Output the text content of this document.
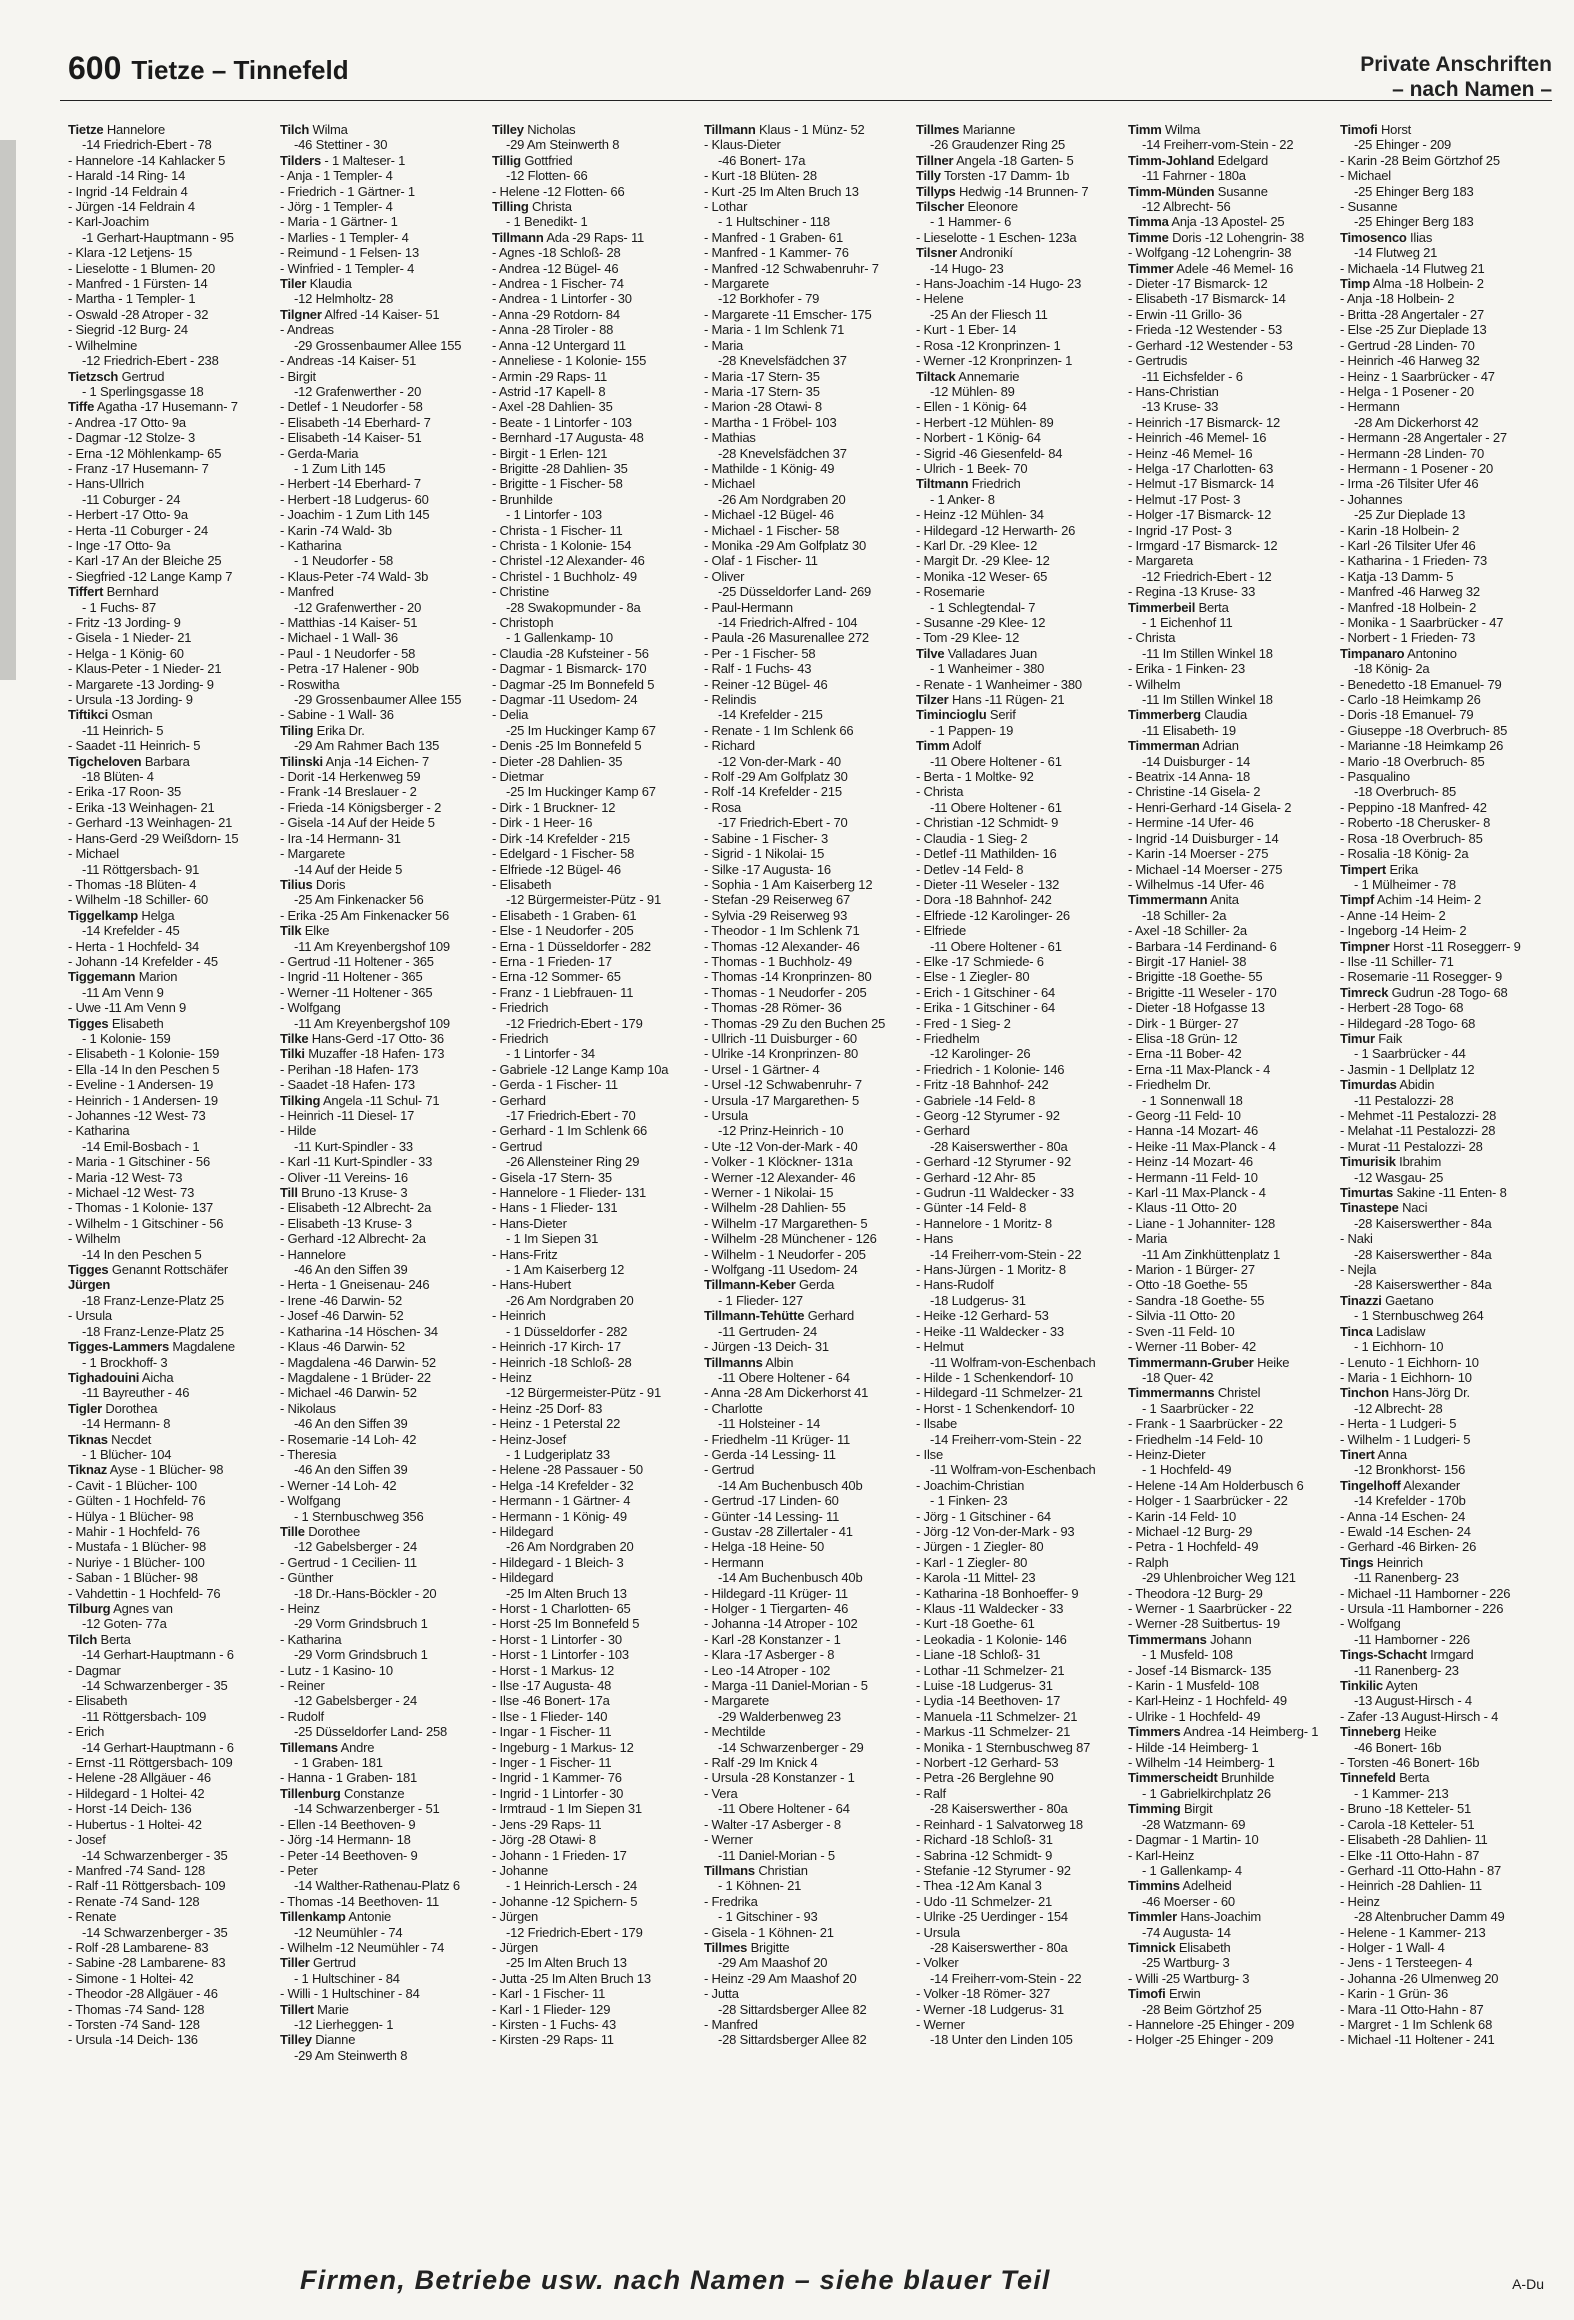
600 Tietze – Tinnefeld	Private Anschriften
– nach Namen –
Tietze Hannelore
-14 Friedrich-Ebert - 78
- Hannelore -14 Kahlacker 5
- Harald -14 Ring- 14
- Ingrid -14 Feldrain 4
- Jürgen -14 Feldrain 4
- Karl-Joachim
-1 Gerhart-Hauptmann - 95
- Klara -12 Letjens- 15
- Lieselotte - 1 Blumen- 20
- Manfred - 1 Fürsten- 14
- Martha - 1 Templer- 1
- Oswald -28 Atroper - 32
- Siegrid -12 Burg- 24
- Wilhelmine
-12 Friedrich-Ebert - 238
Tietzsch Gertrud
- 1 Sperlingsgasse 18
Tiffe Agatha -17 Husemann- 7
- Andrea -17 Otto- 9a
- Dagmar -12 Stolze- 3
- Erna -12 Möhlenkamp- 65
- Franz -17 Husemann- 7
- Hans-Ullrich
-11 Coburger - 24
- Herbert -17 Otto- 9a
- Herta -11 Coburger - 24
- Inge -17 Otto- 9a
- Karl -17 An der Bleiche 25
- Siegfried -12 Lange Kamp 7
Tiffert Bernhard
- 1 Fuchs- 87
- Fritz -13 Jording- 9
- Gisela - 1 Nieder- 21
- Helga - 1 König- 60
- Klaus-Peter - 1 Nieder- 21
- Margarete -13 Jording- 9
- Ursula -13 Jording- 9
Tiftikci Osman
-11 Heinrich- 5
- Saadet -11 Heinrich- 5
Tigcheloven Barbara
-18 Blüten- 4
- Erika -17 Roon- 35
- Erika -13 Weinhagen- 21
- Gerhard -13 Weinhagen- 21
- Hans-Gerd -29 Weißdorn- 15
- Michael
-11 Röttgersbach- 91
- Thomas -18 Blüten- 4
- Wilhelm -18 Schiller- 60
Tiggelkamp Helga
-14 Krefelder - 45
- Herta - 1 Hochfeld- 34
- Johann -14 Krefelder - 45
Tiggemann Marion
-11 Am Venn 9
- Uwe -11 Am Venn 9
Tigges Elisabeth
- 1 Kolonie- 159
- Elisabeth - 1 Kolonie- 159
- Ella -14 In den Peschen 5
- Eveline - 1 Andersen- 19
- Heinrich - 1 Andersen- 19
- Johannes -12 West- 73
- Katharina
-14 Emil-Bosbach - 1
- Maria - 1 Gitschiner - 56
- Maria -12 West- 73
- Michael -12 West- 73
- Thomas - 1 Kolonie- 137
- Wilhelm - 1 Gitschiner - 56
- Wilhelm
-14 In den Peschen 5
Tigges Genannt Rottschäfer
Jürgen
-18 Franz-Lenze-Platz 25
- Ursula
-18 Franz-Lenze-Platz 25
Tigges-Lammers Magdalene
- 1 Brockhoff- 3
Tighadouini Aicha
-11 Bayreuther - 46
Tigler Dorothea
-14 Hermann- 8
Tiknas Necdet
- 1 Blücher- 104
Tiknaz Ayse - 1 Blücher- 98
- Cavit - 1 Blücher- 100
- Gülten - 1 Hochfeld- 76
- Hülya - 1 Blücher- 98
- Mahir - 1 Hochfeld- 76
- Mustafa - 1 Blücher- 98
- Nuriye - 1 Blücher- 100
- Saban - 1 Blücher- 98
- Vahdettin - 1 Hochfeld- 76
Tilburg Agnes van
-12 Goten- 77a
Tilch Berta
-14 Gerhart-Hauptmann - 6
- Dagmar
-14 Schwarzenberger - 35
- Elisabeth
-11 Röttgersbach- 109
- Erich
-14 Gerhart-Hauptmann - 6
- Ernst -11 Röttgersbach- 109
- Helene -28 Allgäuer - 46
- Hildegard - 1 Holtei- 42
- Horst -14 Deich- 136
- Hubertus - 1 Holtei- 42
- Josef
-14 Schwarzenberger - 35
- Manfred -74 Sand- 128
- Ralf -11 Röttgersbach- 109
- Renate -74 Sand- 128
- Renate
-14 Schwarzenberger - 35
- Rolf -28 Lambarene- 83
- Sabine -28 Lambarene- 83
- Simone - 1 Holtei- 42
- Theodor -28 Allgäuer - 46
- Thomas -74 Sand- 128
- Torsten -74 Sand- 128
- Ursula -14 Deich- 136
Tilch Wilma
-46 Stettiner - 30
Tilders - 1 Malteser- 1
- Anja - 1 Templer- 4
- Friedrich - 1 Gärtner- 1
- Jörg - 1 Templer- 4
- Maria - 1 Gärtner- 1
- Marlies - 1 Templer- 4
- Reimund - 1 Felsen- 13
- Winfried - 1 Templer- 4
Tiler Klaudia
-12 Helmholtz- 28
Tilgner Alfred -14 Kaiser- 51
- Andreas
-29 Grossenbaumer Allee 155
- Andreas -14 Kaiser- 51
- Birgit
-12 Grafenwerther - 20
- Detlef - 1 Neudorfer - 58
- Elisabeth -14 Eberhard- 7
- Elisabeth -14 Kaiser- 51
- Gerda-Maria
- 1 Zum Lith 145
- Herbert -14 Eberhard- 7
- Herbert -18 Ludgerus- 60
- Joachim - 1 Zum Lith 145
- Karin -74 Wald- 3b
- Katharina
- 1 Neudorfer - 58
- Klaus-Peter -74 Wald- 3b
- Manfred
-12 Grafenwerther - 20
- Matthias -14 Kaiser- 51
- Michael - 1 Wall- 36
- Paul - 1 Neudorfer - 58
- Petra -17 Halener - 90b
- Roswitha
-29 Grossenbaumer Allee 155
- Sabine - 1 Wall- 36
Tiling Erika Dr.
-29 Am Rahmer Bach 135
Tilinski Anja -14 Eichen- 7
- Dorit -14 Herkenweg 59
- Frank -14 Breslauer - 2
- Frieda -14 Königsberger - 2
- Gisela -14 Auf der Heide 5
- Ira -14 Hermann- 31
- Margarete
-14 Auf der Heide 5
Tilius Doris
-25 Am Finkenacker 56
- Erika -25 Am Finkenacker 56
Tilk Elke
-11 Am Kreyenbergshof 109
- Gertrud -11 Holtener - 365
- Ingrid -11 Holtener - 365
- Werner -11 Holtener - 365
- Wolfgang
-11 Am Kreyenbergshof 109
Tilke Hans-Gerd -17 Otto- 36
Tilki Muzaffer -18 Hafen- 173
- Perihan -18 Hafen- 173
- Saadet -18 Hafen- 173
Tilking Angela -11 Schul- 71
- Heinrich -11 Diesel- 17
- Hilde
-11 Kurt-Spindler - 33
- Karl -11 Kurt-Spindler - 33
- Oliver -11 Vereins- 16
Till Bruno -13 Kruse- 3
- Elisabeth -12 Albrecht- 2a
- Elisabeth -13 Kruse- 3
- Gerhard -12 Albrecht- 2a
- Hannelore
-46 An den Siffen 39
- Herta - 1 Gneisenau- 246
- Irene -46 Darwin- 52
- Josef -46 Darwin- 52
- Katharina -14 Höschen- 34
- Klaus -46 Darwin- 52
- Magdalena -46 Darwin- 52
- Magdalene - 1 Brüder- 22
- Michael -46 Darwin- 52
- Nikolaus
-46 An den Siffen 39
- Rosemarie -14 Loh- 42
- Theresia
-46 An den Siffen 39
- Werner -14 Loh- 42
- Wolfgang
- 1 Sternbuschweg 356
Tille Dorothee
-12 Gabelsberger - 24
- Gertrud - 1 Cecilien- 11
- Günther
-18 Dr.-Hans-Böckler - 20
- Heinz
-29 Vorm Grindsbruch 1
- Katharina
-29 Vorm Grindsbruch 1
- Lutz - 1 Kasino- 10
- Reiner
-12 Gabelsberger - 24
- Rudolf
-25 Düsseldorfer Land- 258
Tillemans Andre
- 1 Graben- 181
- Hanna - 1 Graben- 181
Tillenburg Constanze
-14 Schwarzenberger - 51
- Ellen -14 Beethoven- 9
- Jörg -14 Hermann- 18
- Peter -14 Beethoven- 9
- Peter
-14 Walther-Rathenau-Platz 6
- Thomas -14 Beethoven- 11
Tillenkamp Antonie
-12 Neumühler - 74
- Wilhelm -12 Neumühler - 74
Tiller Gertrud
- 1 Hultschiner - 84
- Willi - 1 Hultschiner - 84
Tillert Marie
-12 Lierheggen- 1
Tilley Dianne
-29 Am Steinwerth 8
Tilley Nicholas
-29 Am Steinwerth 8
Tillig Gottfried
-12 Flotten- 66
- Helene -12 Flotten- 66
Tilling Christa
- 1 Benedikt- 1
Tillmann Ada -29 Raps- 11
- Agnes -18 Schloß- 28
- Andrea -12 Bügel- 46
- Andrea - 1 Fischer- 74
- Andrea - 1 Lintorfer - 30
- Anna -29 Rotdorn- 84
- Anna -28 Tiroler - 88
- Anna -12 Untergard 11
- Anneliese - 1 Kolonie- 155
- Armin -29 Raps- 11
- Astrid -17 Kapell- 8
- Axel -28 Dahlien- 35
- Beate - 1 Lintorfer - 103
- Bernhard -17 Augusta- 48
- Birgit - 1 Erlen- 121
- Brigitte -28 Dahlien- 35
- Brigitte - 1 Fischer- 58
- Brunhilde
- 1 Lintorfer - 103
- Christa - 1 Fischer- 11
- Christa - 1 Kolonie- 154
- Christel -12 Alexander- 46
- Christel - 1 Buchholz- 49
- Christine
-28 Swakopmunder - 8a
- Christoph
- 1 Gallenkamp- 10
- Claudia -28 Kufsteiner - 56
- Dagmar - 1 Bismarck- 170
- Dagmar -25 Im Bonnefeld 5
- Dagmar -11 Usedom- 24
- Delia
-25 Im Huckinger Kamp 67
- Denis -25 Im Bonnefeld 5
- Dieter -28 Dahlien- 35
- Dietmar
-25 Im Huckinger Kamp 67
- Dirk - 1 Bruckner- 12
- Dirk - 1 Heer- 16
- Dirk -14 Krefelder - 215
- Edelgard - 1 Fischer- 58
- Elfriede -12 Bügel- 46
- Elisabeth
-12 Bürgermeister-Pütz - 91
- Elisabeth - 1 Graben- 61
- Else - 1 Neudorfer - 205
- Erna - 1 Düsseldorfer - 282
- Erna - 1 Frieden- 17
- Erna -12 Sommer- 65
- Franz - 1 Liebfrauen- 11
- Friedrich
-12 Friedrich-Ebert - 179
- Friedrich
- 1 Lintorfer - 34
- Gabriele -12 Lange Kamp 10a
- Gerda - 1 Fischer- 11
- Gerhard
-17 Friedrich-Ebert - 70
- Gerhard - 1 Im Schlenk 66
- Gertrud
-26 Allensteiner Ring 29
- Gisela -17 Stern- 35
- Hannelore - 1 Flieder- 131
- Hans - 1 Flieder- 131
- Hans-Dieter
- 1 Im Siepen 31
- Hans-Fritz
- 1 Am Kaiserberg 12
- Hans-Hubert
-26 Am Nordgraben 20
- Heinrich
- 1 Düsseldorfer - 282
- Heinrich -17 Kirch- 17
- Heinrich -18 Schloß- 28
- Heinz
-12 Bürgermeister-Pütz - 91
- Heinz -25 Dorf- 83
- Heinz - 1 Peterstal 22
- Heinz-Josef
- 1 Ludgeriplatz 33
- Helene -28 Passauer - 50
- Helga -14 Krefelder - 32
- Hermann - 1 Gärtner- 4
- Hermann - 1 König- 49
- Hildegard
-26 Am Nordgraben 20
- Hildegard - 1 Bleich- 3
- Hildegard
-25 Im Alten Bruch 13
- Horst - 1 Charlotten- 65
- Horst -25 Im Bonnefeld 5
- Horst - 1 Lintorfer - 30
- Horst - 1 Lintorfer - 103
- Horst - 1 Markus- 12
- Ilse -17 Augusta- 48
- Ilse -46 Bonert- 17a
- Ilse - 1 Flieder- 140
- Ingar - 1 Fischer- 11
- Ingeburg - 1 Markus- 12
- Inger - 1 Fischer- 11
- Ingrid - 1 Kammer- 76
- Ingrid - 1 Lintorfer - 30
- Irmtraud - 1 Im Siepen 31
- Jens -29 Raps- 11
- Jörg -28 Otawi- 8
- Johann - 1 Frieden- 17
- Johanne
- 1 Heinrich-Lersch - 24
- Johanne -12 Spichern- 5
- Jürgen
-12 Friedrich-Ebert - 179
- Jürgen
-25 Im Alten Bruch 13
- Jutta -25 Im Alten Bruch 13
- Karl - 1 Fischer- 11
- Karl - 1 Flieder- 129
- Kirsten - 1 Fuchs- 43
- Kirsten -29 Raps- 11
Tillmann Klaus - 1 Münz- 52
- Klaus-Dieter
-46 Bonert- 17a
- Kurt -18 Blüten- 28
- Kurt -25 Im Alten Bruch 13
- Lothar
- 1 Hultschiner - 118
- Manfred - 1 Graben- 61
- Manfred - 1 Kammer- 76
- Manfred -12 Schwabenruhr- 7
- Margarete
-12 Borkhofer - 79
- Margarete -11 Emscher- 175
- Maria - 1 Im Schlenk 71
- Maria
-28 Knevelsfädchen 37
- Maria -17 Stern- 35
- Maria -17 Stern- 35
- Marion -28 Otawi- 8
- Martha - 1 Fröbel- 103
- Mathias
-28 Knevelsfädchen 37
- Mathilde - 1 König- 49
- Michael
-26 Am Nordgraben 20
- Michael -12 Bügel- 46
- Michael - 1 Fischer- 58
- Monika -29 Am Golfplatz 30
- Olaf - 1 Fischer- 11
- Oliver
-25 Düsseldorfer Land- 269
- Paul-Hermann
-14 Friedrich-Alfred - 104
- Paula -26 Masurenallee 272
- Per - 1 Fischer- 58
- Ralf - 1 Fuchs- 43
- Reiner -12 Bügel- 46
- Relindis
-14 Krefelder - 215
- Renate - 1 Im Schlenk 66
- Richard
-12 Von-der-Mark - 40
- Rolf -29 Am Golfplatz 30
- Rolf -14 Krefelder - 215
- Rosa
-17 Friedrich-Ebert - 70
- Sabine - 1 Fischer- 3
- Sigrid - 1 Nikolai- 15
- Silke -17 Augusta- 16
- Sophia - 1 Am Kaiserberg 12
- Stefan -29 Reiserweg 67
- Sylvia -29 Reiserweg 93
- Theodor - 1 Im Schlenk 71
- Thomas -12 Alexander- 46
- Thomas - 1 Buchholz- 49
- Thomas -14 Kronprinzen- 80
- Thomas - 1 Neudorfer - 205
- Thomas -28 Römer- 36
- Thomas -29 Zu den Buchen 25
- Ullrich -11 Duisburger - 60
- Ulrike -14 Kronprinzen- 80
- Ursel - 1 Gärtner- 4
- Ursel -12 Schwabenruhr- 7
- Ursula -17 Margarethen- 5
- Ursula
-12 Prinz-Heinrich - 10
- Ute -12 Von-der-Mark - 40
- Volker - 1 Klöckner- 131a
- Werner -12 Alexander- 46
- Werner - 1 Nikolai- 15
- Wilhelm -28 Dahlien- 55
- Wilhelm -17 Margarethen- 5
- Wilhelm -28 Münchener - 126
- Wilhelm - 1 Neudorfer - 205
- Wolfgang -11 Usedom- 24
Tillmann-Keber Gerda
- 1 Flieder- 127
Tillmann-Tehütte Gerhard
-11 Gertruden- 24
- Jürgen -13 Deich- 31
Tillmanns Albin
-11 Obere Holtener - 64
- Anna -28 Am Dickerhorst 41
- Charlotte
-11 Holsteiner - 14
- Friedhelm -11 Krüger- 11
- Gerda -14 Lessing- 11
- Gertrud
-14 Am Buchenbusch 40b
- Gertrud -17 Linden- 60
- Günter -14 Lessing- 11
- Gustav -28 Zillertaler - 41
- Helga -18 Heine- 50
- Hermann
-14 Am Buchenbusch 40b
- Hildegard -11 Krüger- 11
- Holger - 1 Tiergarten- 46
- Johanna -14 Atroper - 102
- Karl -28 Konstanzer - 1
- Klara -17 Asberger - 8
- Leo -14 Atroper - 102
- Marga -11 Daniel-Morian - 5
- Margarete
-29 Walderbenweg 23
- Mechtilde
-14 Schwarzenberger - 29
- Ralf -29 Im Knick 4
- Ursula -28 Konstanzer - 1
- Vera
-11 Obere Holtener - 64
- Walter -17 Asberger - 8
- Werner
-11 Daniel-Morian - 5
Tillmans Christian
- 1 Köhnen- 21
- Fredrika
- 1 Gitschiner - 93
- Gisela - 1 Köhnen- 21
Tillmes Brigitte
-29 Am Maashof 20
- Heinz -29 Am Maashof 20
- Jutta
-28 Sittardsberger Allee 82
- Manfred
-28 Sittardsberger Allee 82
Tillmes Marianne
-26 Graudenzer Ring 25
Tillner Angela -18 Garten- 5
Tilly Torsten -17 Damm- 1b
Tillyps Hedwig -14 Brunnen- 7
Tilscher Eleonore
- 1 Hammer- 6
- Lieselotte - 1 Eschen- 123a
Tilsner Andronikí
-14 Hugo- 23
- Hans-Joachim -14 Hugo- 23
- Helene
-25 An der Fliesch 11
- Kurt - 1 Eber- 14
- Rosa -12 Kronprinzen- 1
- Werner -12 Kronprinzen- 1
Tiltack Annemarie
-12 Mühlen- 89
- Ellen - 1 König- 64
- Herbert -12 Mühlen- 89
- Norbert - 1 König- 64
- Sigrid -46 Giesenfeld- 84
- Ulrich - 1 Beek- 70
Tiltmann Friedrich
- 1 Anker- 8
- Heinz -12 Mühlen- 34
- Hildegard -12 Herwarth- 26
- Karl Dr. -29 Klee- 12
- Margit Dr. -29 Klee- 12
- Monika -12 Weser- 65
- Rosemarie
- 1 Schlegtendal- 7
- Susanne -29 Klee- 12
- Tom -29 Klee- 12
Tilve Valladares Juan
- 1 Wanheimer - 380
- Renate - 1 Wanheimer - 380
Tilzer Hans -11 Rügen- 21
Timincioglu Serif
- 1 Pappen- 19
Timm Adolf
-11 Obere Holtener - 61
- Berta - 1 Moltke- 92
- Christa
-11 Obere Holtener - 61
- Christian -12 Schmidt- 9
- Claudia - 1 Sieg- 2
- Detlef -11 Mathilden- 16
- Detlev -14 Feld- 8
- Dieter -11 Weseler - 132
- Dora -18 Bahnhof- 242
- Elfriede -12 Karolinger- 26
- Elfriede
-11 Obere Holtener - 61
- Elke -17 Schmiede- 6
- Else - 1 Ziegler- 80
- Erich - 1 Gitschiner - 64
- Erika - 1 Gitschiner - 64
- Fred - 1 Sieg- 2
- Friedhelm
-12 Karolinger- 26
- Friedrich - 1 Kolonie- 146
- Fritz -18 Bahnhof- 242
- Gabriele -14 Feld- 8
- Georg -12 Styrumer - 92
- Gerhard
-28 Kaiserswerther - 80a
- Gerhard -12 Styrumer - 92
- Gerhard -12 Ahr- 85
- Gudrun -11 Waldecker - 33
- Günter -14 Feld- 8
- Hannelore - 1 Moritz- 8
- Hans
-14 Freiherr-vom-Stein - 22
- Hans-Jürgen - 1 Moritz- 8
- Hans-Rudolf
-18 Ludgerus- 31
- Heike -12 Gerhard- 53
- Heike -11 Waldecker - 33
- Helmut
-11 Wolfram-von-Eschenbach
- Hilde - 1 Schenkendorf- 10
- Hildegard -11 Schmelzer- 21
- Horst - 1 Schenkendorf- 10
- Ilsabe
-14 Freiherr-vom-Stein - 22
- Ilse
-11 Wolfram-von-Eschenbach
- Joachim-Christian
- 1 Finken- 23
- Jörg - 1 Gitschiner - 64
- Jörg -12 Von-der-Mark - 93
- Jürgen - 1 Ziegler- 80
- Karl - 1 Ziegler- 80
- Karola -11 Mittel- 23
- Katharina -18 Bonhoeffer- 9
- Klaus -11 Waldecker - 33
- Kurt -18 Goethe- 61
- Leokadia - 1 Kolonie- 146
- Liane -18 Schloß- 31
- Lothar -11 Schmelzer- 21
- Luise -18 Ludgerus- 31
- Lydia -14 Beethoven- 17
- Manuela -11 Schmelzer- 21
- Markus -11 Schmelzer- 21
- Monika - 1 Sternbuschweg 87
- Norbert -12 Gerhard- 53
- Petra -26 Berglehne 90
- Ralf
-28 Kaiserswerther - 80a
- Reinhard - 1 Salvatorweg 18
- Richard -18 Schloß- 31
- Sabrina -12 Schmidt- 9
- Stefanie -12 Styrumer - 92
- Thea -12 Am Kanal 3
- Udo -11 Schmelzer- 21
- Ulrike -25 Uerdinger - 154
- Ursula
-28 Kaiserswerther - 80a
- Volker
-14 Freiherr-vom-Stein - 22
- Volker -18 Römer- 327
- Werner -18 Ludgerus- 31
- Werner
-18 Unter den Linden 105
Timm Wilma
-14 Freiherr-vom-Stein - 22
Timm-Johland Edelgard
-11 Fahrner - 180a
Timm-Münden Susanne
-12 Albrecht- 56
Timma Anja -13 Apostel- 25
Timme Doris -12 Lohengrin- 38
- Wolfgang -12 Lohengrin- 38
Timmer Adele -46 Memel- 16
- Dieter -17 Bismarck- 12
- Elisabeth -17 Bismarck- 14
- Erwin -11 Grillo- 36
- Frieda -12 Westender - 53
- Gerhard -12 Westender - 53
- Gertrudis
-11 Eichsfelder - 6
- Hans-Christian
-13 Kruse- 33
- Heinrich -17 Bismarck- 12
- Heinrich -46 Memel- 16
- Heinz -46 Memel- 16
- Helga -17 Charlotten- 63
- Helmut -17 Bismarck- 14
- Helmut -17 Post- 3
- Holger -17 Bismarck- 12
- Ingrid -17 Post- 3
- Irmgard -17 Bismarck- 12
- Margareta
-12 Friedrich-Ebert - 12
- Regina -13 Kruse- 33
Timmerbeil Berta
- 1 Eichenhof 11
- Christa
-11 Im Stillen Winkel 18
- Erika - 1 Finken- 23
- Wilhelm
-11 Im Stillen Winkel 18
Timmerberg Claudia
-11 Elisabeth- 19
Timmerman Adrian
-14 Duisburger - 14
- Beatrix -14 Anna- 18
- Christine -14 Gisela- 2
- Henri-Gerhard -14 Gisela- 2
- Hermine -14 Ufer- 46
- Ingrid -14 Duisburger - 14
- Karin -14 Moerser - 275
- Michael -14 Moerser - 275
- Wilhelmus -14 Ufer- 46
Timmermann Anita
-18 Schiller- 2a
- Axel -18 Schiller- 2a
- Barbara -14 Ferdinand- 6
- Birgit -17 Haniel- 38
- Brigitte -18 Goethe- 55
- Brigitte -11 Weseler - 170
- Dieter -18 Hofgasse 13
- Dirk - 1 Bürger- 27
- Elisa -18 Grün- 12
- Erna -11 Bober- 42
- Erna -11 Max-Planck - 4
- Friedhelm Dr.
- 1 Sonnenwall 18
- Georg -11 Feld- 10
- Hanna -14 Mozart- 46
- Heike -11 Max-Planck - 4
- Heinz -14 Mozart- 46
- Hermann -11 Feld- 10
- Karl -11 Max-Planck - 4
- Klaus -11 Otto- 20
- Liane - 1 Johanniter- 128
- Maria
-11 Am Zinkhüttenplatz 1
- Marion - 1 Bürger- 27
- Otto -18 Goethe- 55
- Sandra -18 Goethe- 55
- Silvia -11 Otto- 20
- Sven -11 Feld- 10
- Werner -11 Bober- 42
Timmermann-Gruber Heike
-18 Quer- 42
Timmermanns Christel
- 1 Saarbrücker - 22
- Frank - 1 Saarbrücker - 22
- Friedhelm -14 Feld- 10
- Heinz-Dieter
- 1 Hochfeld- 49
- Helene -14 Am Holderbusch 6
- Holger - 1 Saarbrücker - 22
- Karin -14 Feld- 10
- Michael -12 Burg- 29
- Petra - 1 Hochfeld- 49
- Ralph
-29 Uhlenbroicher Weg 121
- Theodora -12 Burg- 29
- Werner - 1 Saarbrücker - 22
- Werner -28 Suitbertus- 19
Timmermans Johann
- 1 Musfeld- 108
- Josef -14 Bismarck- 135
- Karin - 1 Musfeld- 108
- Karl-Heinz - 1 Hochfeld- 49
- Ulrike - 1 Hochfeld- 49
Timmers Andrea -14 Heimberg- 1
- Hilde -14 Heimberg- 1
- Wilhelm -14 Heimberg- 1
Timmerscheidt Brunhilde
- 1 Gabrielkirchplatz 26
Timming Birgit
-28 Watzmann- 69
- Dagmar - 1 Martin- 10
- Karl-Heinz
- 1 Gallenkamp- 4
Timmins Adelheid
-46 Moerser - 60
Timmler Hans-Joachim
-74 Augusta- 14
Timnick Elisabeth
-25 Wartburg- 3
- Willi -25 Wartburg- 3
Timofi Erwin
-28 Beim Görtzhof 25
- Hannelore -25 Ehinger - 209
- Holger -25 Ehinger - 209
Timofi Horst
-25 Ehinger - 209
- Karin -28 Beim Görtzhof 25
- Michael
-25 Ehinger Berg 183
- Susanne
-25 Ehinger Berg 183
Timosenco Ilias
-14 Flutweg 21
- Michaela -14 Flutweg 21
Timp Alma -18 Holbein- 2
- Anja -18 Holbein- 2
- Britta -28 Angertaler - 27
- Else -25 Zur Dieplade 13
- Gertrud -28 Linden- 70
- Heinrich -46 Harweg 32
- Heinz - 1 Saarbrücker - 47
- Helga - 1 Posener - 20
- Hermann
-28 Am Dickerhorst 42
- Hermann -28 Angertaler - 27
- Hermann -28 Linden- 70
- Hermann - 1 Posener - 20
- Irma -26 Tilsiter Ufer 46
- Johannes
-25 Zur Dieplade 13
- Karin -18 Holbein- 2
- Karl -26 Tilsiter Ufer 46
- Katharina - 1 Frieden- 73
- Katja -13 Damm- 5
- Manfred -46 Harweg 32
- Manfred -18 Holbein- 2
- Monika - 1 Saarbrücker - 47
- Norbert - 1 Frieden- 73
Timpanaro Antonino
-18 König- 2a
- Benedetto -18 Emanuel- 79
- Carlo -18 Heimkamp 26
- Doris -18 Emanuel- 79
- Giuseppe -18 Overbruch- 85
- Marianne -18 Heimkamp 26
- Mario -18 Overbruch- 85
- Pasqualino
-18 Overbruch- 85
- Peppino -18 Manfred- 42
- Roberto -18 Cherusker- 8
- Rosa -18 Overbruch- 85
- Rosalia -18 König- 2a
Timpert Erika
- 1 Mülheimer - 78
Timpf Achim -14 Heim- 2
- Anne -14 Heim- 2
- Ingeborg -14 Heim- 2
Timpner Horst -11 Roseggerr- 9
- Ilse -11 Schiller- 71
- Rosemarie -11 Rosegger- 9
Timreck Gudrun -28 Togo- 68
- Herbert -28 Togo- 68
- Hildegard -28 Togo- 68
Timur Faik
- 1 Saarbrücker - 44
- Jasmin - 1 Dellplatz 12
Timurdas Abidin
-11 Pestalozzi- 28
- Mehmet -11 Pestalozzi- 28
- Melahat -11 Pestalozzi- 28
- Murat -11 Pestalozzi- 28
Timurisik Ibrahim
-12 Wasgau- 25
Timurtas Sakine -11 Enten- 8
Tinastepe Naci
-28 Kaiserswerther - 84a
- Naki
-28 Kaiserswerther - 84a
- Nejla
-28 Kaiserswerther - 84a
Tinazzi Gaetano
- 1 Sternbuschweg 264
Tinca Ladislaw
- 1 Eichhorn- 10
- Lenuto - 1 Eichhorn- 10
- Maria - 1 Eichhorn- 10
Tinchon Hans-Jörg Dr.
-12 Albrecht- 28
- Herta - 1 Ludgeri- 5
- Wilhelm - 1 Ludgeri- 5
Tinert Anna
-12 Bronkhorst- 156
Tingelhoff Alexander
-14 Krefelder - 170b
- Anna -14 Eschen- 24
- Ewald -14 Eschen- 24
- Gerhard -46 Birken- 26
Tings Heinrich
-11 Ranenberg- 23
- Michael -11 Hamborner - 226
- Ursula -11 Hamborner - 226
- Wolfgang
-11 Hamborner - 226
Tings-Schacht Irmgard
-11 Ranenberg- 23
Tinkilic Ayten
-13 August-Hirsch - 4
- Zafer -13 August-Hirsch - 4
Tinneberg Heike
-46 Bonert- 16b
- Torsten -46 Bonert- 16b
Tinnefeld Berta
- 1 Kammer- 213
- Bruno -18 Ketteler- 51
- Carola -18 Ketteler- 51
- Elisabeth -28 Dahlien- 11
- Elke -11 Otto-Hahn - 87
- Gerhard -11 Otto-Hahn - 87
- Heinrich -28 Dahlien- 11
- Heinz
-28 Altenbrucher Damm 49
- Helene - 1 Kammer- 213
- Holger - 1 Wall- 4
- Jens - 1 Tersteegen- 4
- Johanna -26 Ulmenweg 20
- Karin - 1 Grün- 36
- Mara -11 Otto-Hahn - 87
- Margret - 1 Im Schlenk 68
- Michael -11 Holtener - 241
Firmen, Betriebe usw. nach Namen – siehe blauer Teil	A-Du
